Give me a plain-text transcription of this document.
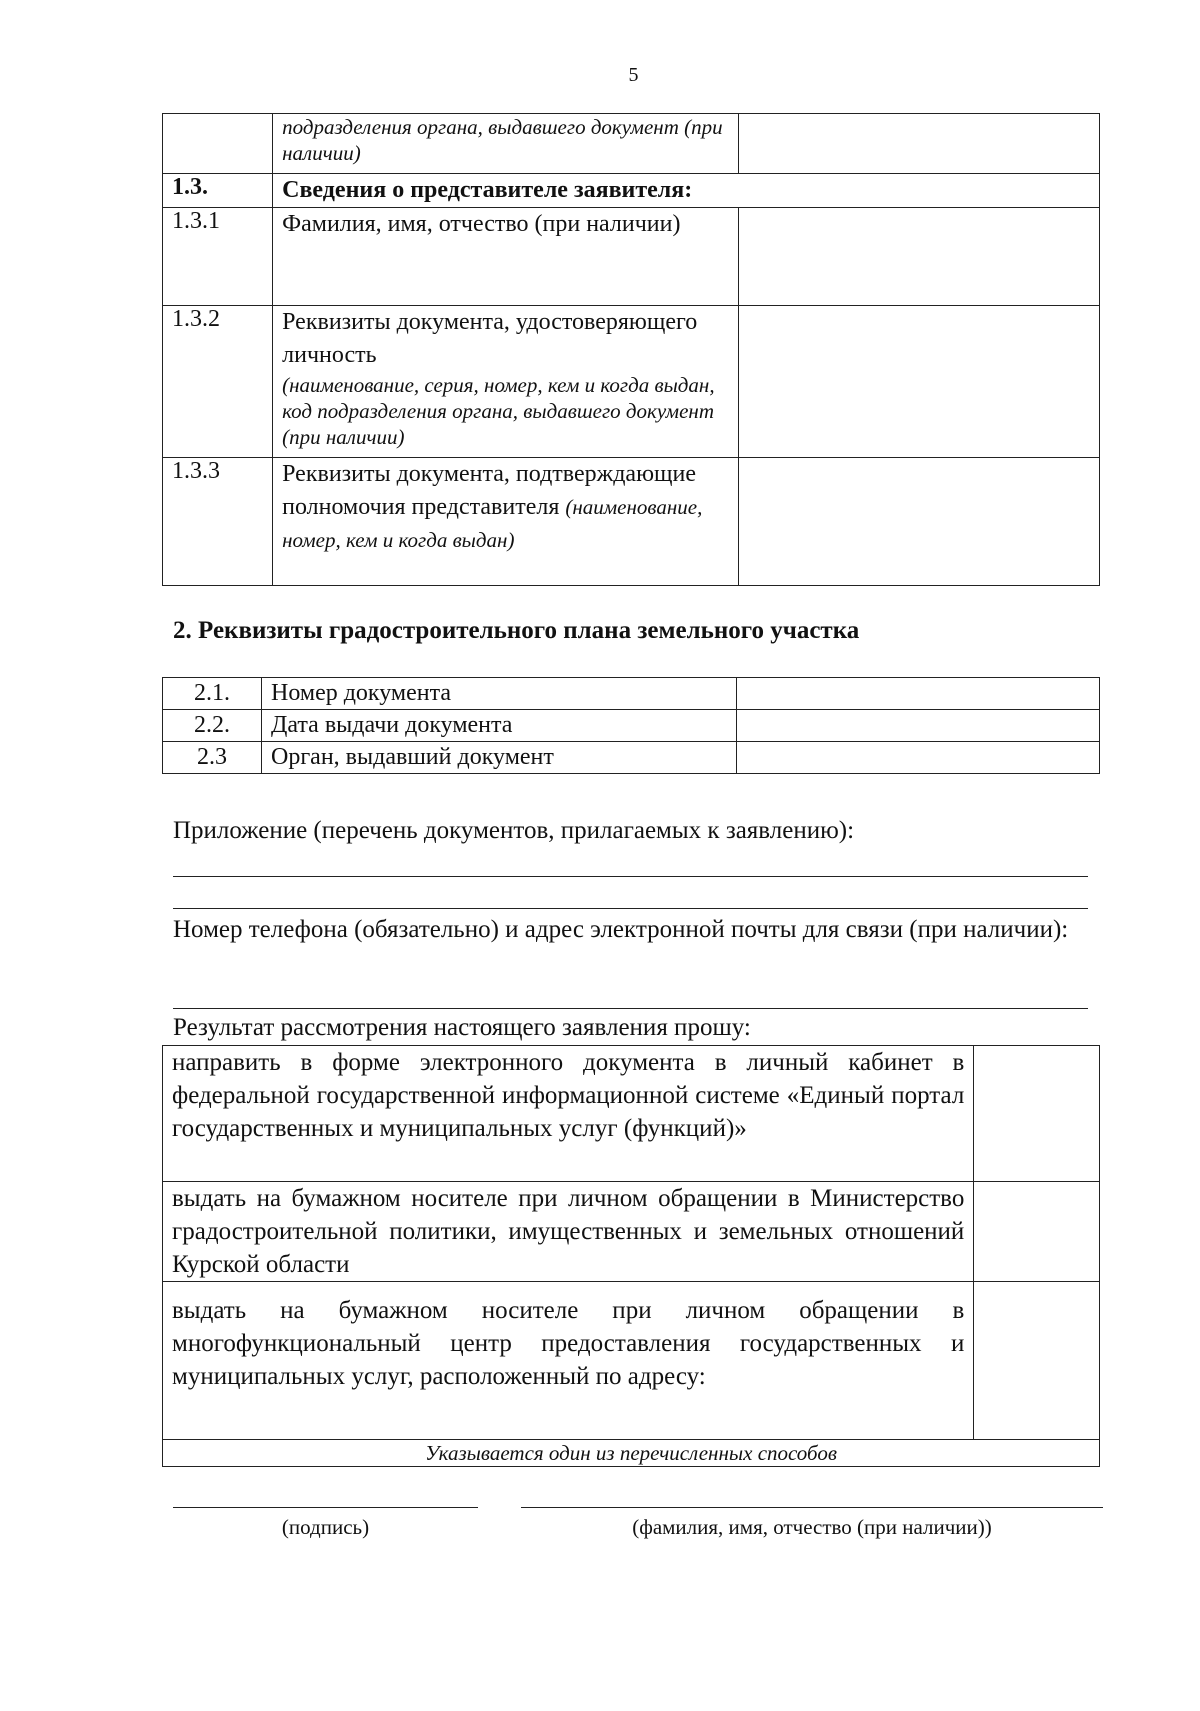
5

	подразделения органа, выдавшего документ (при наличии)	

1.3.	Сведения о представителе заявителя:	
1.3.1	Фамилия, имя, отчество (при наличии)	
1.3.2	Реквизиты документа, удостоверяющего личность
(наименование, серия, номер, кем и когда выдан, код подразделения органа, выдавшего документ (при наличии)	

1.3.3	Реквизиты документа, подтверждающие полномочия представителя (наименование, номер, кем и когда выдан)	
2. Реквизиты градостроительного плана земельного участка
2.1.	Номер документа	
2.2.	Дата выдачи документа	
2.3	Орган, выдавший документ	
Приложение (перечень документов, прилагаемых к заявлению):
Номер телефона (обязательно) и адрес электронной почты для связи (при наличии):
Результат рассмотрения настоящего заявления прошу:
направить в форме электронного документа в личный кабинет в федеральной государственной информационной системе «Единый портал государственных и муниципальных услуг (функций)»	
выдать на бумажном носителе при личном обращении в Министерство градостроительной политики, имущественных и земельных отношений Курской области	
выдать на бумажном носителе при личном обращении в многофункциональный центр предоставления государственных и муниципальных услуг, расположенный по адресу:	
Указывается один из перечисленных способов	
(подпись)	(фамилия, имя, отчество (при наличии))
